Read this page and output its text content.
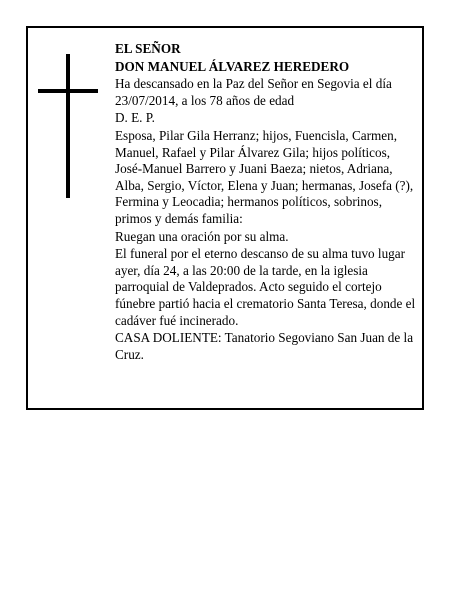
EL SEÑOR

DON MANUEL ÁLVAREZ HEREDERO

Ha descansado en la Paz del Señor en Segovia el día 23/07/2014, a los 78 años de edad

D. E. P.

Esposa, Pilar Gila Herranz; hijos, Fuencisla, Carmen, Manuel, Rafael y Pilar Álvarez Gila; hijos políticos, José-Manuel Barrero y Juani Baeza; nietos, Adriana, Alba, Sergio, Víctor, Elena y Juan; hermanas, Josefa (?), Fermina y Leocadia; hermanos políticos, sobrinos, primos y demás familia:

Ruegan una oración por su alma.

El funeral por el eterno descanso de su alma tuvo lugar ayer, día 24, a las 20:00 de la tarde, en la iglesia parroquial de Valdeprados. Acto seguido el cortejo fúnebre partió hacia el crematorio Santa Teresa, donde el cadáver fué incinerado.

CASA DOLIENTE: Tanatorio Segoviano San Juan de la Cruz.
